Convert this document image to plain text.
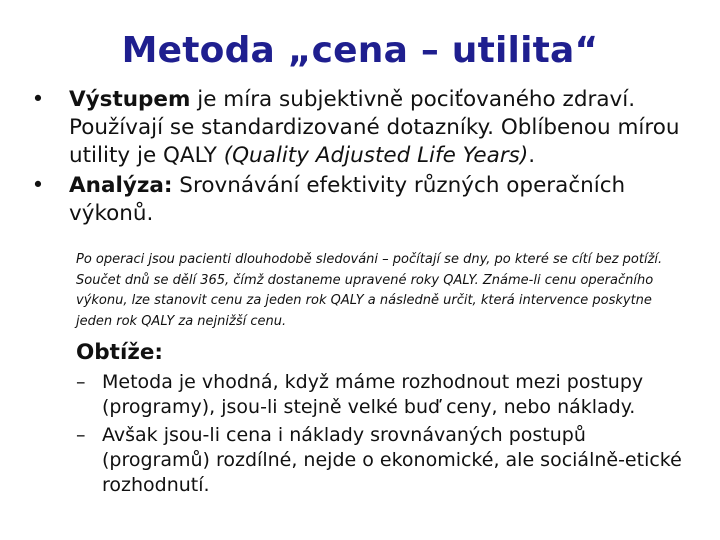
Metoda „cena – utilita“
• Výstupem je míra subjektivně pociťovaného zdraví. Používají se standardizované dotazníky. Oblíbenou mírou utility je QALY (Quality Adjusted Life Years).
• Analýza: Srovnávání efektivity různých operačních výkonů.
Po operaci jsou pacienti dlouhodobě sledováni – počítají se dny, po které se cítí bez potíží. Součet dnů se dělí 365, čímž dostaneme upravené roky QALY. Známe-li cenu operačního výkonu, lze stanovit cenu za jeden rok QALY a následně určit, která intervence poskytne jeden rok QALY za nejnižší cenu.
Obtíže:
– Metoda je vhodná, když máme rozhodnout mezi postupy (programy), jsou-li stejně velké buď ceny, nebo náklady.
– Avšak jsou-li cena i náklady srovnávaných postupů (programů) rozdílné, nejde o ekonomické, ale sociálně-etické rozhodnutí.
